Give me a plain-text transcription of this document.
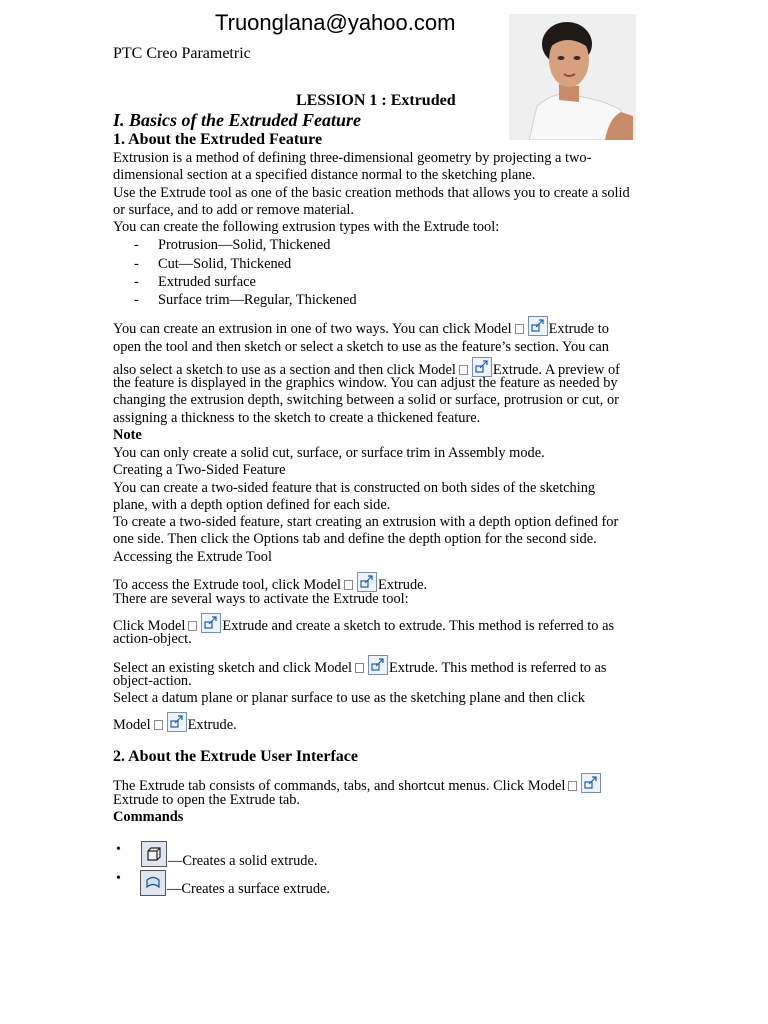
Truonglana@yahoo.com
PTC Creo Parametric
LESSION 1 : Extruded
I. Basics of the Extruded Feature
1. About the Extruded Feature
Extrusion is a method of defining three-dimensional geometry by projecting a two-
dimensional section at a specified distance normal to the sketching plane.
Use the Extrude tool as one of the basic creation methods that allows you to create a solid
or surface, and to add or remove material.
You can create the following extrusion types with the Extrude tool:
- Protrusion—Solid, Thickened
- Cut—Solid, Thickened
- Extruded surface
- Surface trim—Regular, Thickened
You can create an extrusion in one of two ways. You can click Model	Extrude to
open the tool and then sketch or select a sketch to use as the feature’s section. You can
also select a sketch to use as a section and then click Model	Extrude. A preview of
the feature is displayed in the graphics window. You can adjust the feature as needed by
changing the extrusion depth, switching between a solid or surface, protrusion or cut, or
assigning a thickness to the sketch to create a thickened feature.
Note
You can only create a solid cut, surface, or surface trim in Assembly mode.
Creating a Two-Sided Feature
You can create a two-sided feature that is constructed on both sides of the sketching
plane, with a depth option defined for each side.
To create a two-sided feature, start creating an extrusion with a depth option defined for
one side. Then click the Options tab and define the depth option for the second side.
Accessing the Extrude Tool
To access the Extrude tool, click Model	Extrude.
There are several ways to activate the Extrude tool:
Click Model	Extrude and create a sketch to extrude. This method is referred to as
action-object.
Select an existing sketch and click Model	Extrude. This method is referred to as
object-action.
Select a datum plane or planar surface to use as the sketching plane and then click
Model	Extrude.
2. About the Extrude User Interface
The Extrude tab consists of commands, tabs, and shortcut menus. Click Model
Extrude to open the Extrude tab.
Commands
•
—Creates a solid extrude.
•
—Creates a surface extrude.
